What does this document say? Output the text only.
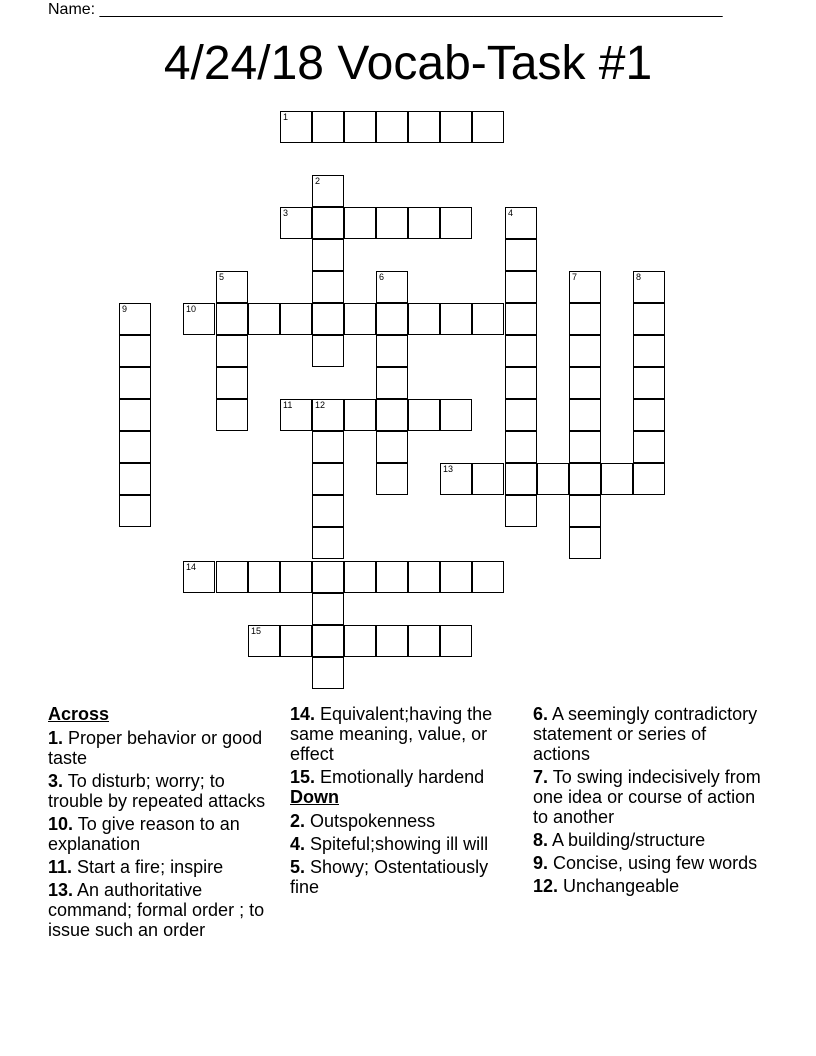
Name: ______________________________________________________________________
4/24/18 Vocab-Task #1
1
2
3	4
5	6	7	8
9	10
11	12
13
14
15
Across
1. Proper behavior or good taste
3. To disturb; worry; to trouble by repeated attacks
10. To give reason to an explanation
11. Start a fire; inspire
13. An authoritative command; formal order ; to issue such an order
14. Equivalent;having the same meaning, value, or effect
15. Emotionally hardend
Down
2. Outspokenness
4. Spiteful;showing ill will
5. Showy; Ostentatiously fine
6. A seemingly contradictory statement or series of actions
7. To swing indecisively from one idea or course of action to another
8. A building/structure
9. Concise, using few words
12. Unchangeable
